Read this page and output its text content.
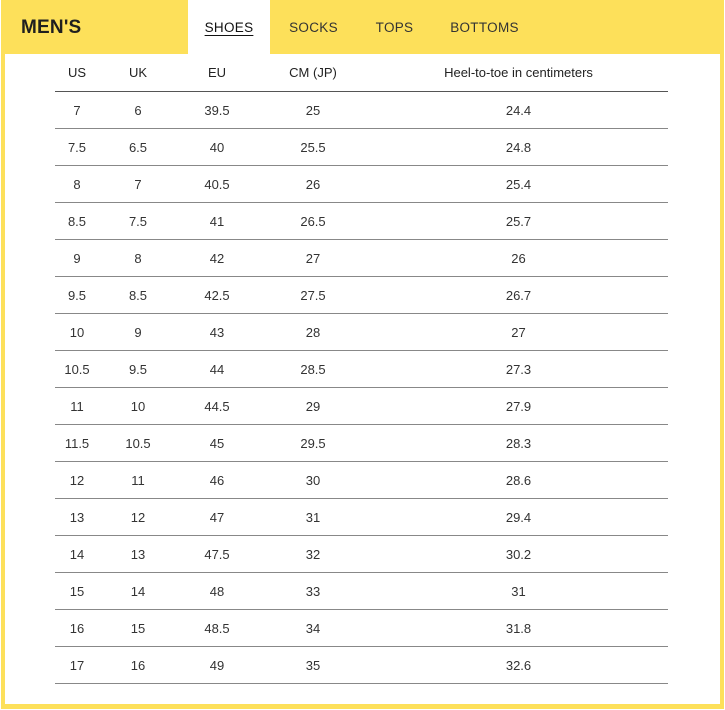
MEN'S	SHOES	SOCKS	TOPS	BOTTOMS
US	UK	EU	CM (JP)	Heel-to-toe in centimeters
7	6	39.5	25	24.4
7.5	6.5	40	25.5	24.8
8	7	40.5	26	25.4
8.5	7.5	41	26.5	25.7
9	8	42	27	26
9.5	8.5	42.5	27.5	26.7
10	9	43	28	27
10.5	9.5	44	28.5	27.3
11	10	44.5	29	27.9
11.5	10.5	45	29.5	28.3
12	11	46	30	28.6
13	12	47	31	29.4
14	13	47.5	32	30.2
15	14	48	33	31
16	15	48.5	34	31.8
17	16	49	35	32.6
